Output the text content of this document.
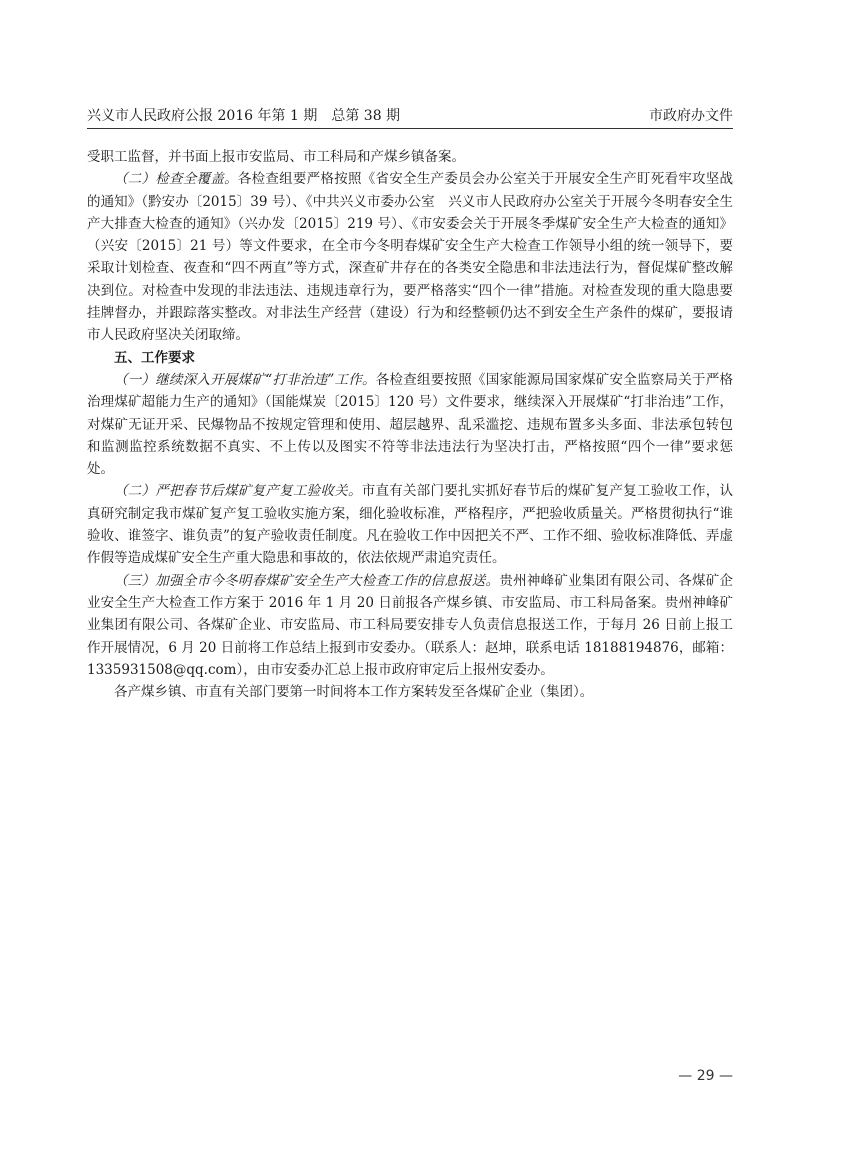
兴义市人民政府公报 2016 年第 1 期　总第 38 期	市政府办文件

受职工监督，并书面上报市安监局、市工科局和产煤乡镇备案。

（二）检查全覆盖。各检查组要严格按照《省安全生产委员会办公室关于开展安全生产盯死看牢攻坚战的通知》（黔安办〔2015〕39 号）、《中共兴义市委办公室　兴义市人民政府办公室关于开展今冬明春安全生产大排查大检查的通知》（兴办发〔2015〕219 号）、《市安委会关于开展冬季煤矿安全生产大检查的通知》（兴安〔2015〕21 号）等文件要求，在全市今冬明春煤矿安全生产大检查工作领导小组的统一领导下，要采取计划检查、夜查和“四不两直”等方式，深查矿井存在的各类安全隐患和非法违法行为，督促煤矿整改解决到位。对检查中发现的非法违法、违规违章行为，要严格落实“四个一律”措施。对检查发现的重大隐患要挂牌督办，并跟踪落实整改。对非法生产经营（建设）行为和经整顿仍达不到安全生产条件的煤矿，要报请市人民政府坚决关闭取缔。

五、工作要求

（一）继续深入开展煤矿“打非治违”工作。各检查组要按照《国家能源局国家煤矿安全监察局关于严格治理煤矿超能力生产的通知》（国能煤炭〔2015〕120 号）文件要求，继续深入开展煤矿“打非治违”工作，对煤矿无证开采、民爆物品不按规定管理和使用、超层越界、乱采滥挖、违规布置多头多面、非法承包转包和监测监控系统数据不真实、不上传以及图实不符等非法违法行为坚决打击，严格按照“四个一律”要求惩处。

（二）严把春节后煤矿复产复工验收关。市直有关部门要扎实抓好春节后的煤矿复产复工验收工作，认真研究制定我市煤矿复产复工验收实施方案，细化验收标准，严格程序，严把验收质量关。严格贯彻执行“谁验收、谁签字、谁负责”的复产验收责任制度。凡在验收工作中因把关不严、工作不细、验收标准降低、弄虚作假等造成煤矿安全生产重大隐患和事故的，依法依规严肃追究责任。

（三）加强全市今冬明春煤矿安全生产大检查工作的信息报送。贵州神峰矿业集团有限公司、各煤矿企业安全生产大检查工作方案于 2016 年 1 月 20 日前报各产煤乡镇、市安监局、市工科局备案。贵州神峰矿业集团有限公司、各煤矿企业、市安监局、市工科局要安排专人负责信息报送工作，于每月 26 日前上报工作开展情况，6 月 20 日前将工作总结上报到市安委办。（联系人：赵坤，联系电话 18188194876，邮箱：1335931508@qq.com），由市安委办汇总上报市政府审定后上报州安委办。

各产煤乡镇、市直有关部门要第一时间将本工作方案转发至各煤矿企业（集团）。

— 29 —
